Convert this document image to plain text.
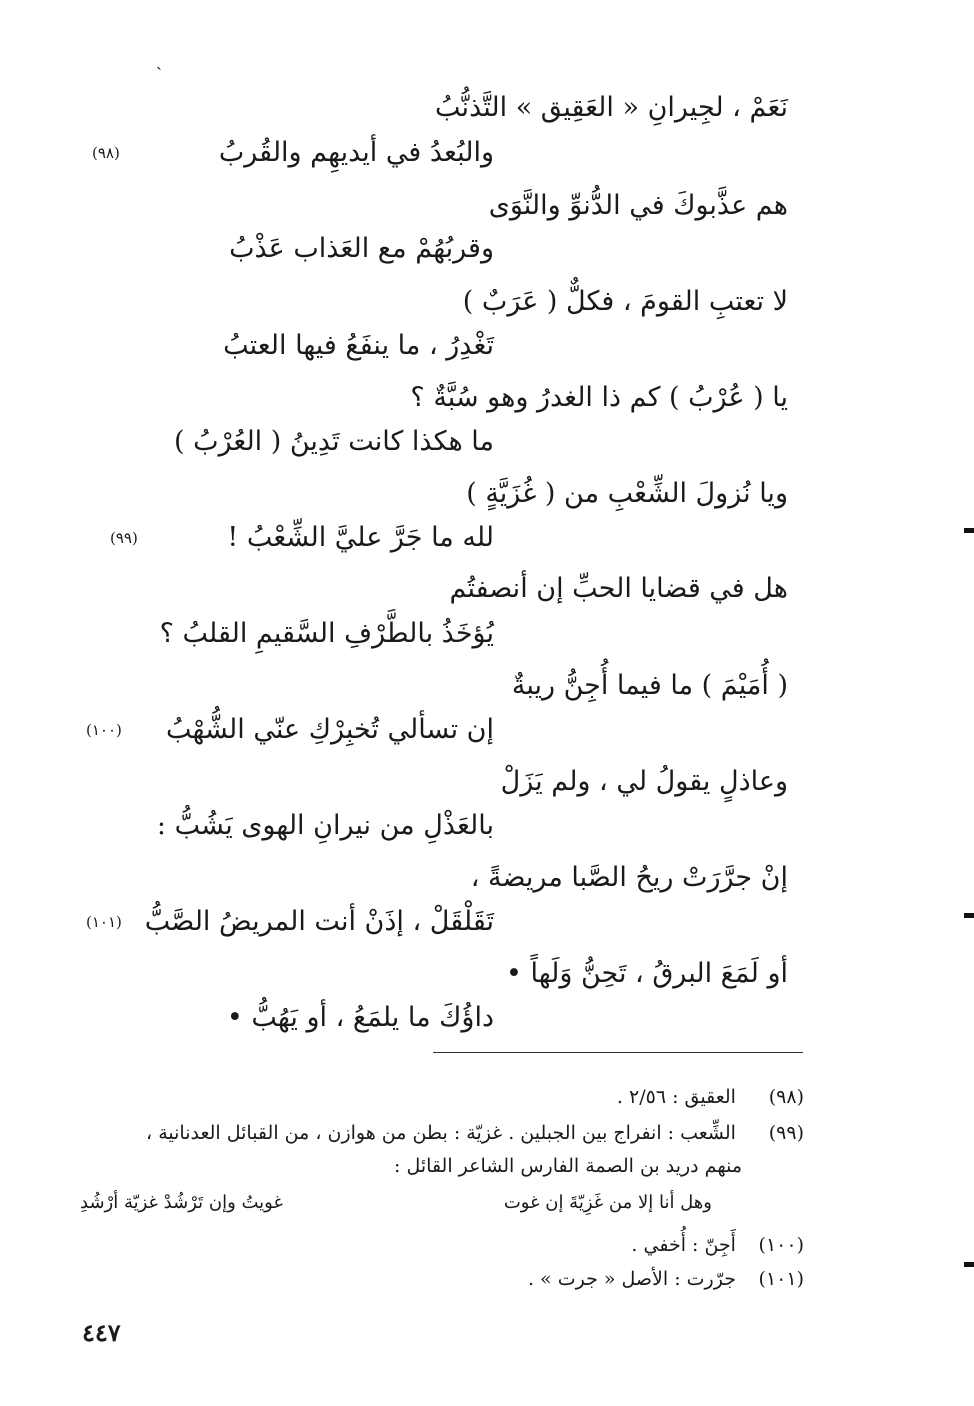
ˎ
نَعَمْ ، لجِيرانِ « العَقِيق » التَّذنُّبُ
والبُعدُ في أيديهِم والقُربُ
(٩٨)
هم عذَّبوكَ في الدُّنوِّ والنَّوَى
وقربُهُمْ مع العَذاب عَذْبُ
لا تعتبِ القومَ ، فكلٌّ ( عَرَبٌ )
تَغْدِرُ ، ما ينفَعُ فيها العتبُ
يا ( عُرْبُ ) كم ذا الغدرُ وهو سُبَّةٌ ؟
ما هكذا كانت تَدِينُ ( العُرْبُ )
ويا نُزولَ الشِّعْبِ من ( غُزَيَّةٍ )
لله ما جَرَّ عليَّ الشِّعْبُ !
(٩٩)
هل في قضايا الحبِّ إن أنصفتُم
يُؤخَذُ بالطَّرْفِ السَّقيمِ القلبُ ؟
( أُمَيْمَ ) ما فيما أُجِنُّ ريبةٌ
إن تسألي تُخبِرْكِ عنّي الشُّهْبُ
(١٠٠)
وعاذلٍ يقولُ لي ، ولم يَزَلْ
بالعَذْلِ من نيرانِ الهوى يَشُبُّ :
إنْ جرَّرَتْ ريحُ الصَّبا مريضةً ،
تَقَلْقَلْ ، إذَنْ أنت المريضُ الصَّبُّ
(١٠١)
أو لَمَعَ البرقُ ، تَحِنُّ وَلَهاً •
داؤُكَ ما يلمَعُ ، أو يَهُبُّ •
(٩٨) العقيق : ٢/٥٦ .
(٩٩) الشِّعب : انفراج بين الجبلين . غزيّة : بطن من هوازن ، من القبائل العدنانية ،
منهم دريد بن الصمة الفارس الشاعر القائل :
وهل أنا إلا من غَزِيّةَ إن غوت
غويتُ وإن تَرْشُدْ غزيّة أرْشُدِ
(١٠٠) أَجِنّ : أُخفي .
(١٠١) جرّرت : الأصل « جرت » .
٤٤٧
